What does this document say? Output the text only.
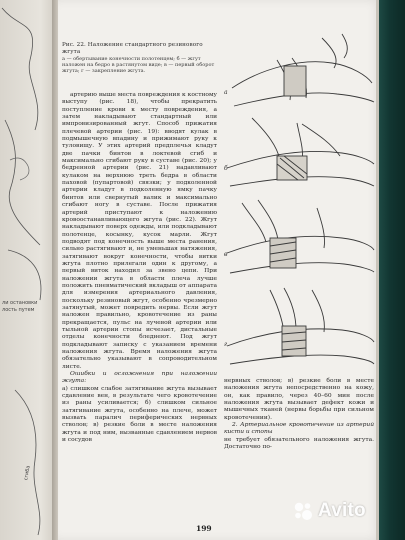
ли остановки
лость путем
сгиба
Рис. 22. Наложение стандартного резинового жгута
а — обертывание конечности полотенцем; б — жгут наложен на бедро в растянутом виде; в — первый оборот жгута; г — закрепление жгута.

артерию выше места повреждения к костному выступу (рис. 18), чтобы прекратить поступление крови к месту повреждения, а затем накладывают стандартный или импровизированный жгут. Способ прижатия плечевой артерии (рис. 19): вводят кулак в подмышечную впадину и прижимают руку к туловищу. У этих артерий предплечья кладут две пачки бинтов в локтевой сгиб и максимально сгибают руку в суставе (рис. 20); у бедренной артерии (рис. 21) надавливают кулаком на верхнюю треть бедра в области паховой (пупартовой) связки; у подколенной артерии кладут в подколенную ямку пачку бинтов или свернутый валик и максимально сгибают ногу в суставе. После прижатия артерий приступают к наложению кровоостанавливающего жгута (рис. 22). Жгут накладывают поверх одежды, или подкладывают полотенце, косынку, кусок марли. Жгут подводят под конечность выше места ранения, сильно растягивают и, не уменьшая натяжения, затягивают вокруг конечности, чтобы витки жгута плотно прилегали один к другому, а первый виток находил за звено цепи. При наложении жгута в области плеча лучше положить пневматический вкладыш от аппарата для измерения артериального давления, поскольку резиновый жгут, особенно чрезмерно затянутый, может повредить нервы. Если жгут наложен правильно, кровотечение из раны прекращается, пульс на лучевой артерии или тыльной артерии стопы исчезает, дистальные отделы конечности бледнеют. Под жгут подкладывают записку с указанием времени наложения жгута. Время наложения жгута обязательно указывают в сопроводительном листе.

Ошибки и осложнения при наложении жгута:

а) слишком слабое затягивание жгута вызывает сдавление вен, в результате чего кровотечение из раны усиливается; б) слишком сильное затягивание жгута, особенно на плече, может вызвать паралич периферических нервных стволов; в) резкие боли в месте наложения жгута и под ним, вызванные сдавлением нервов и сосудов

а
б
в
г

нервных стволов; в) резкие боли в месте наложения жгута непосредственно на кожу, он, как правило, через 40–60 мин после наложения жгута вызывает дефект кожи и мышечных тканей (нервы борьбы при сильном кровотечении).

2. Артериальное кровотечение из артерий кисти и стопы

не требует обязательного наложения жгута. Достаточно по-

199
Avito
